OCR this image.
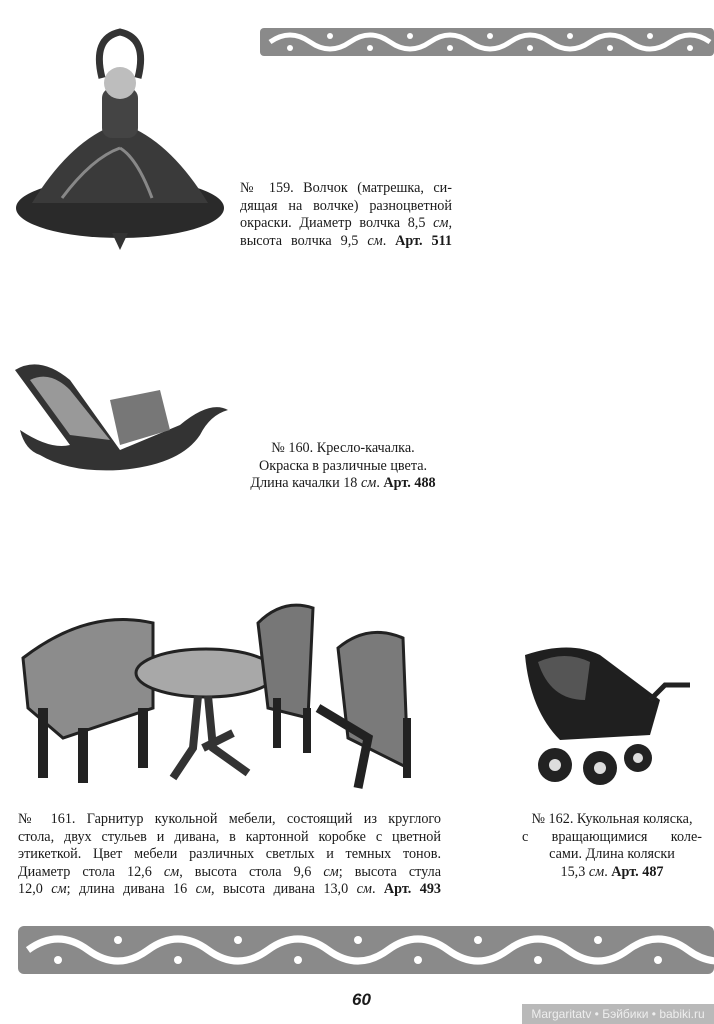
№ 159. Волчок (матрешка, си-
дящая на волчке) разноцветной
окраски. Диаметр волчка 8,5 см,
высота волчка 9,5 см. Арт. 511
№ 160. Кресло-качалка.
Окраска в различные цвета.
Длина качалки 18 см. Арт. 488
№ 161. Гарнитур кукольной мебели, состоящий из круглого
стола, двух стульев и дивана, в картонной коробке с цветной
этикеткой. Цвет мебели различных светлых и темных тонов.
Диаметр стола 12,6 см, высота стола 9,6 см; высота стула
12,0 см; длина дивана 16 см, высота дивана 13,0 см. Арт. 493
№ 162. Кукольная коляска,
с вращающимися коле-
сами. Длина коляски
15,3 см. Арт. 487
60
Margaritatv • Бэйбики • babiki.ru
